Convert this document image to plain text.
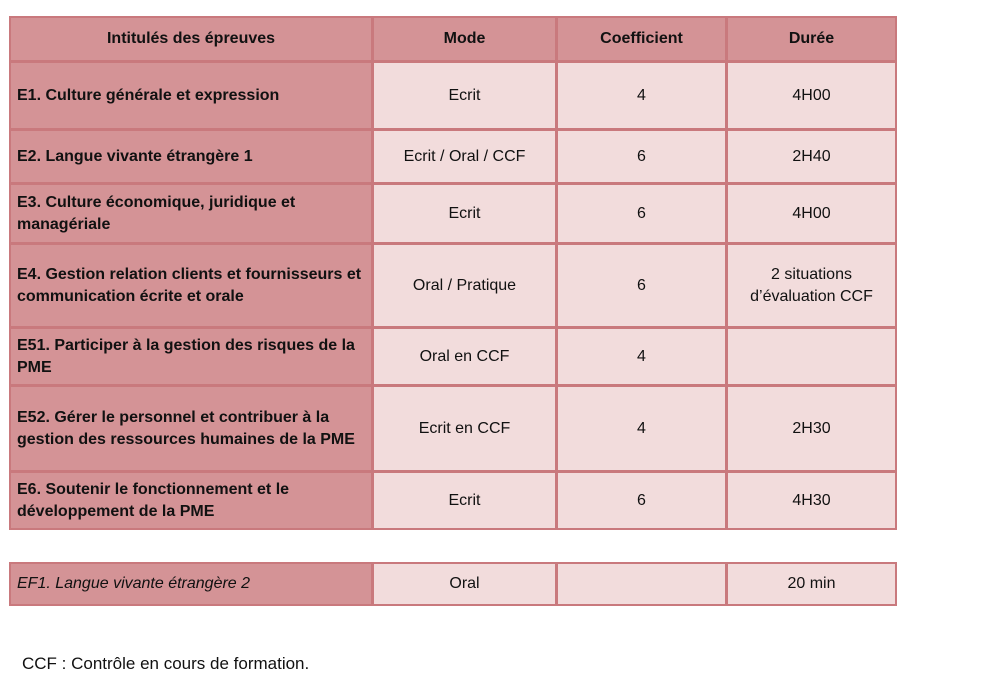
Intitulés des épreuves	Mode	Coefficient	Durée
E1. Culture générale et expression	Ecrit	4	4H00
E2. Langue vivante étrangère 1	Ecrit / Oral / CCF	6	2H40
E3. Culture économique, juridique et managériale	Ecrit	6	4H00
E4. Gestion relation clients et fournisseurs et communication écrite et orale	Oral / Pratique	6	2 situations d’évaluation CCF
E51. Participer à la gestion des risques de la PME	Oral en CCF	4	
E52. Gérer le personnel et contribuer à la gestion des ressources humaines de la PME	Ecrit en CCF	4	2H30
E6. Soutenir le fonctionnement et le développement de la PME	Ecrit	6	4H30
EF1. Langue vivante étrangère 2	Oral		20 min
CCF : Contrôle en cours de formation.
